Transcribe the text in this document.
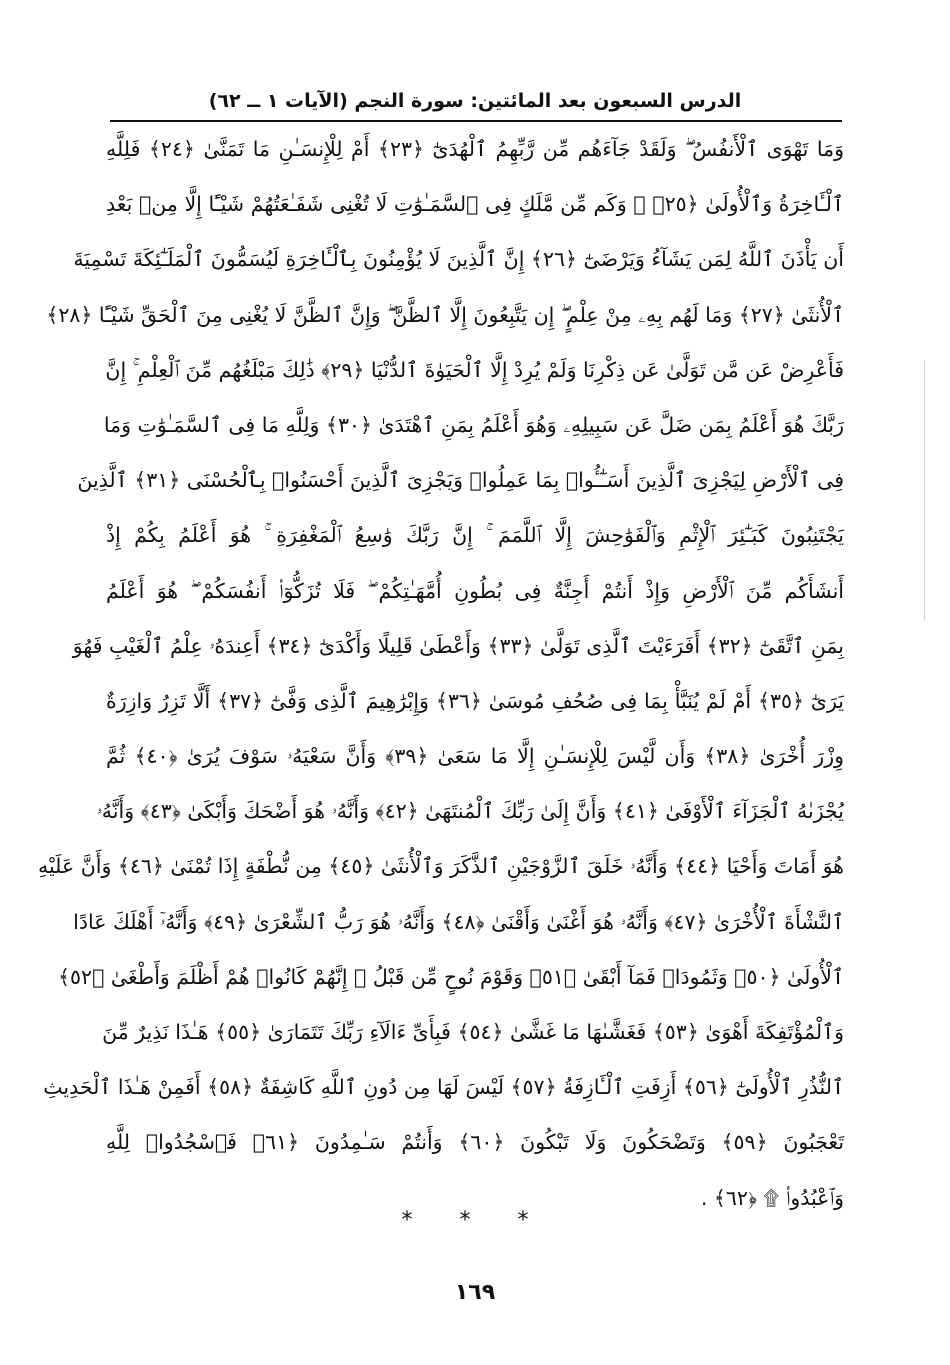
الدرس السبعون بعد المائتين: سورة النجم (الآيات ١ ــ ٦٢)
وَمَا تَهْوَى ٱلْأَنفُسُ ۖ وَلَقَدْ جَآءَهُم مِّن رَّبِّهِمُ ٱلْهُدَىٰٓ ﴿٢٣﴾ أَمْ لِلْإِنسَـٰنِ مَا تَمَنَّىٰ ﴿٢٤﴾ فَلِلَّهِ
ٱلْـَٔاخِرَةُ وَٱلْأُولَىٰ ﴿٢٥﴾ ۞ وَكَم مِّن مَّلَكٍ فِى ٱلسَّمَـٰوَٰتِ لَا تُغْنِى شَفَـٰعَتُهُمْ شَيْـًٔا إِلَّا مِنۢ بَعْدِ
أَن يَأْذَنَ ٱللَّهُ لِمَن يَشَآءُ وَيَرْضَىٰٓ ﴿٢٦﴾ إِنَّ ٱلَّذِينَ لَا يُؤْمِنُونَ بِٱلْـَٔاخِرَةِ لَيُسَمُّونَ ٱلْمَلَـٰٓئِكَةَ تَسْمِيَةَ
ٱلْأُنثَىٰ ﴿٢٧﴾ وَمَا لَهُم بِهِۦ مِنْ عِلْمٍ ۖ إِن يَتَّبِعُونَ إِلَّا ٱلظَّنَّ ۖ وَإِنَّ ٱلظَّنَّ لَا يُغْنِى مِنَ ٱلْحَقِّ شَيْـًٔا ﴿٢٨﴾
فَأَعْرِضْ عَن مَّن تَوَلَّىٰ عَن ذِكْرِنَا وَلَمْ يُرِدْ إِلَّا ٱلْحَيَوٰةَ ٱلدُّنْيَا ﴿٢٩﴾ ذَٰلِكَ مَبْلَغُهُم مِّنَ ٱلْعِلْمِ ۚ إِنَّ
رَبَّكَ هُوَ أَعْلَمُ بِمَن ضَلَّ عَن سَبِيلِهِۦ وَهُوَ أَعْلَمُ بِمَنِ ٱهْتَدَىٰ ﴿٣٠﴾ وَلِلَّهِ مَا فِى ٱلسَّمَـٰوَٰتِ وَمَا
فِى ٱلْأَرْضِ لِيَجْزِىَ ٱلَّذِينَ أَسَـٰٓـُٔوا۟ بِمَا عَمِلُوا۟ وَيَجْزِىَ ٱلَّذِينَ أَحْسَنُوا۟ بِٱلْحُسْنَى ﴿٣١﴾ ٱلَّذِينَ
يَجْتَنِبُونَ كَبَـٰٓئِرَ ٱلْإِثْمِ وَٱلْفَوَٰحِشَ إِلَّا ٱللَّمَمَ ۚ إِنَّ رَبَّكَ وَٰسِعُ ٱلْمَغْفِرَةِ ۚ هُوَ أَعْلَمُ بِكُمْ إِذْ
أَنشَأَكُم مِّنَ ٱلْأَرْضِ وَإِذْ أَنتُمْ أَجِنَّةٌ فِى بُطُونِ أُمَّهَـٰتِكُمْ ۖ فَلَا تُزَكُّوٓا۟ أَنفُسَكُمْ ۖ هُوَ أَعْلَمُ
بِمَنِ ٱتَّقَىٰٓ ﴿٣٢﴾ أَفَرَءَيْتَ ٱلَّذِى تَوَلَّىٰ ﴿٣٣﴾ وَأَعْطَىٰ قَلِيلًا وَأَكْدَىٰٓ ﴿٣٤﴾ أَعِندَهُۥ عِلْمُ ٱلْغَيْبِ فَهُوَ
يَرَىٰٓ ﴿٣٥﴾ أَمْ لَمْ يُنَبَّأْ بِمَا فِى صُحُفِ مُوسَىٰ ﴿٣٦﴾ وَإِبْرَٰهِيمَ ٱلَّذِى وَفَّىٰٓ ﴿٣٧﴾ أَلَّا تَزِرُ وَازِرَةٌ
وِزْرَ أُخْرَىٰ ﴿٣٨﴾ وَأَن لَّيْسَ لِلْإِنسَـٰنِ إِلَّا مَا سَعَىٰ ﴿٣٩﴾ وَأَنَّ سَعْيَهُۥ سَوْفَ يُرَىٰ ﴿٤٠﴾ ثُمَّ
يُجْزَىٰهُ ٱلْجَزَآءَ ٱلْأَوْفَىٰ ﴿٤١﴾ وَأَنَّ إِلَىٰ رَبِّكَ ٱلْمُنتَهَىٰ ﴿٤٢﴾ وَأَنَّهُۥ هُوَ أَضْحَكَ وَأَبْكَىٰ ﴿٤٣﴾ وَأَنَّهُۥ
هُوَ أَمَاتَ وَأَحْيَا ﴿٤٤﴾ وَأَنَّهُۥ خَلَقَ ٱلزَّوْجَيْنِ ٱلذَّكَرَ وَٱلْأُنثَىٰ ﴿٤٥﴾ مِن نُّطْفَةٍ إِذَا تُمْنَىٰ ﴿٤٦﴾ وَأَنَّ عَلَيْهِ
ٱلنَّشْأَةَ ٱلْأُخْرَىٰ ﴿٤٧﴾ وَأَنَّهُۥ هُوَ أَغْنَىٰ وَأَقْنَىٰ ﴿٤٨﴾ وَأَنَّهُۥ هُوَ رَبُّ ٱلشِّعْرَىٰ ﴿٤٩﴾ وَأَنَّهُۥٓ أَهْلَكَ عَادًا
ٱلْأُولَىٰ ﴿٥٠﴾ وَثَمُودَا۟ فَمَآ أَبْقَىٰ ﴿٥١﴾ وَقَوْمَ نُوحٍ مِّن قَبْلُ ۖ إِنَّهُمْ كَانُوا۟ هُمْ أَظْلَمَ وَأَطْغَىٰ ﴿٥٢﴾
وَٱلْمُؤْتَفِكَةَ أَهْوَىٰ ﴿٥٣﴾ فَغَشَّىٰهَا مَا غَشَّىٰ ﴿٥٤﴾ فَبِأَىِّ ءَالَآءِ رَبِّكَ تَتَمَارَىٰ ﴿٥٥﴾ هَـٰذَا نَذِيرٌ مِّنَ
ٱلنُّذُرِ ٱلْأُولَىٰٓ ﴿٥٦﴾ أَزِفَتِ ٱلْـَٔازِفَةُ ﴿٥٧﴾ لَيْسَ لَهَا مِن دُونِ ٱللَّهِ كَاشِفَةٌ ﴿٥٨﴾ أَفَمِنْ هَـٰذَا ٱلْحَدِيثِ
تَعْجَبُونَ ﴿٥٩﴾ وَتَضْحَكُونَ وَلَا تَبْكُونَ ﴿٦٠﴾ وَأَنتُمْ سَـٰمِدُونَ ﴿٦١﴾ فَٱسْجُدُوا۟ لِلَّهِ
وَٱعْبُدُوا۟ ۩ ﴿٦٢﴾ .
* * *
١٦٩
